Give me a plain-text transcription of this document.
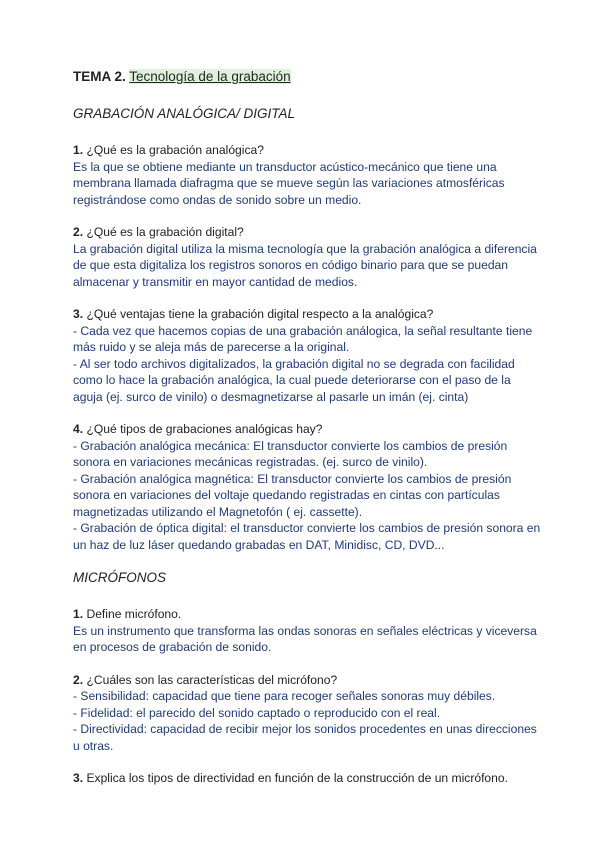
TEMA 2. Tecnología de la grabación
GRABACIÓN ANALÓGICA/ DIGITAL
1. ¿Qué es la grabación analógica?
Es la que se obtiene mediante un transductor acústico-mecánico que tiene una membrana llamada diafragma que se mueve según las variaciones atmosféricas registrándose como ondas de sonido sobre un medio.
2. ¿Qué es la grabación digital?
La grabación digital utiliza la misma tecnología que la grabación analógica a diferencia de que esta digitaliza los registros sonoros en código binario para que se puedan almacenar y transmitir en mayor cantidad de medios.
3. ¿Qué ventajas tiene la grabación digital respecto a la analógica?
- Cada vez que hacemos copias de una grabación análogica, la señal resultante tiene más ruido y se aleja más de parecerse a la original.
- Al ser todo archivos digitalizados, la grabación digital no se degrada con facilidad como lo hace la grabación analógica, la cual puede deteriorarse con el paso de la aguja (ej. surco de vinilo) o desmagnetizarse al pasarle un imán (ej. cinta)
4. ¿Qué tipos de grabaciones analógicas hay?
- Grabación analógica mecánica: El transductor convierte los cambios de presión sonora en variaciones mecánicas registradas. (ej. surco de vinilo).
- Grabación analógica magnética: El transductor convierte los cambios de presión sonora en variaciones del voltaje quedando registradas en cintas con partículas magnetizadas utilizando el Magnetofón ( ej. cassette).
- Grabación de óptica digital: el transductor convierte los cambios de presión sonora en un haz de luz láser quedando grabadas en DAT, Minidisc, CD, DVD...
MICRÓFONOS
1. Define micrófono.
Es un instrumento que transforma las ondas sonoras en señales eléctricas y viceversa en procesos de grabación de sonido.
2. ¿Cuáles son las características del micrófono?
- Sensibilidad: capacidad que tiene para recoger señales sonoras muy débiles.
- Fidelidad: el parecido del sonido captado o reproducido con el real.
- Directividad: capacidad de recibir mejor los sonidos procedentes en unas direcciones u otras.
3. Explica los tipos de directividad en función de la construcción de un micrófono.
